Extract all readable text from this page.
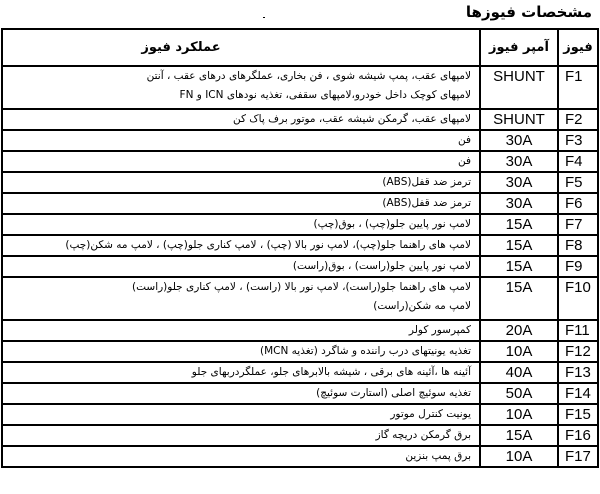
مشخصات فیوزها
فیوز	آمپر فیوز	عملکرد فیوز
F1	SHUNT	لامپهای عقب، پمپ شیشه شوی ، فن بخاری، عملگرهای درهای عقب ، آنتن
لامپهای کوچک داخل خودرو،لامپهای سقفی، تغذیه نودهای ICN و FN

F2	SHUNT	لامپهای عقب، گرمکن شیشه عقب، موتور برف پاک کن

F3	30A	فن

F4	30A	فن

F5	30A	ترمز ضد قفل(ABS)

F6	30A	ترمز ضد قفل(ABS)

F7	15A	لامپ نور پایین جلو(چپ) ، بوق(چپ)

F8	15A	لامپ های راهنما جلو(چپ)، لامپ نور بالا (چپ) ، لامپ کناری جلو(چپ) ، لامپ مه شکن(چپ)

F9	15A	لامپ نور پایین جلو(راست) ، بوق(راست)

F10	15A	لامپ های راهنما جلو(راست)، لامپ نور بالا (راست) ، لامپ کناری جلو(راست)
لامپ مه شکن(راست)

F11	20A	کمپرسور کولر

F12	10A	تغذیه یونیتهای درب راننده و شاگرد (تغذیه MCN)

F13	40A	آئینه ها ،آئینه های برقی ، شیشه بالابرهای جلو، عملگردربهای جلو

F14	50A	تغذیه سوئیچ اصلی (استارت سوئیچ)

F15	10A	یونیت کنترل موتور

F16	15A	برق گرمکن دریچه گاز

F17	10A	برق پمپ بنزین
